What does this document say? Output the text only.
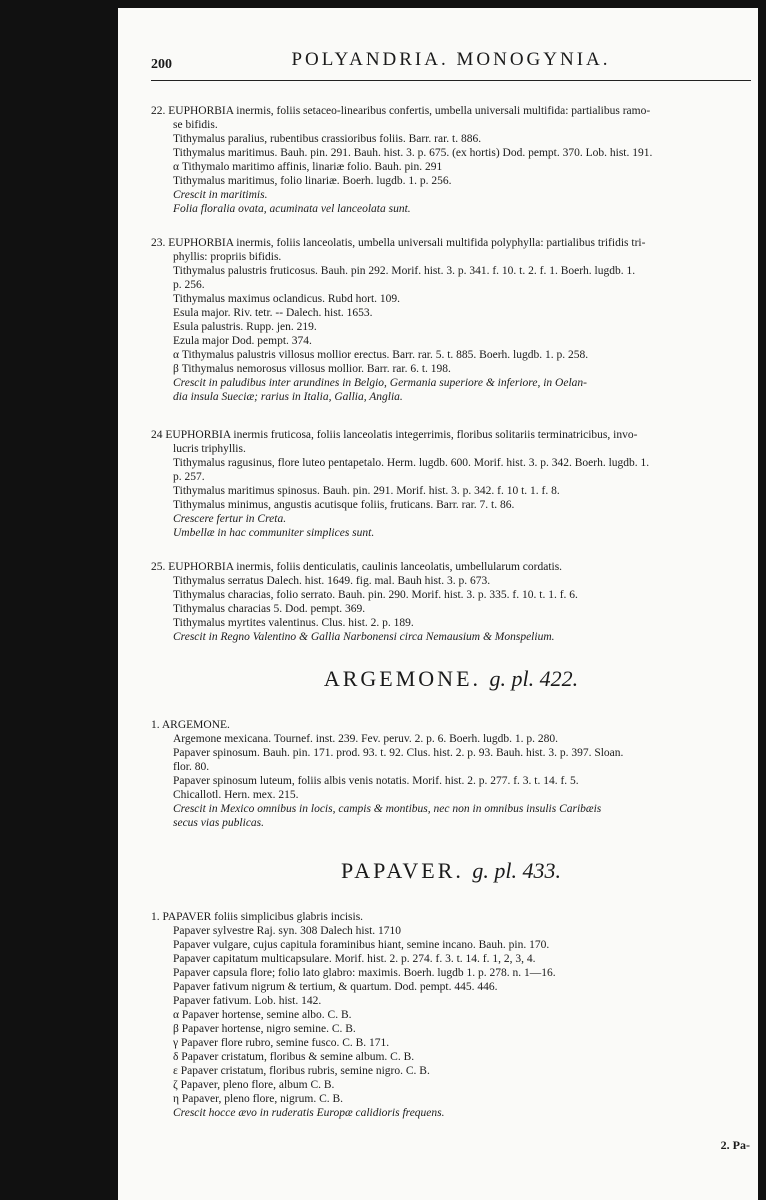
200	POLYANDRIA. MONOGYNIA.
22. EUPHORBIA inermis, foliis setaceo-linearibus confertis, umbella universali multifida: partialibus ramo-
se bifidis.
Tithymalus paralius, rubentibus crassioribus foliis. Barr. rar. t. 886.
Tithymalus maritimus. Bauh. pin. 291. Bauh. hist. 3. p. 675. (ex hortis) Dod. pempt. 370. Lob. hist. 191.
α Tithymalo maritimo affinis, linariæ folio. Bauh. pin. 291
Tithymalus maritimus, folio linariæ. Boerh. lugdb. 1. p. 256.
Crescit in maritimis.
Folia floralia ovata, acuminata vel lanceolata sunt.
23. EUPHORBIA inermis, foliis lanceolatis, umbella universali multifida polyphylla: partialibus trifidis tri-
phyllis: propriis bifidis.
Tithymalus palustris fruticosus. Bauh. pin 292. Morif. hist. 3. p. 341. f. 10. t. 2. f. 1. Boerh. lugdb. 1.
p. 256.
Tithymalus maximus oclandicus. Rubd hort. 109.
Esula major. Riv. tetr. -- Dalech. hist. 1653.
Esula palustris. Rupp. jen. 219.
Ezula major Dod. pempt. 374.
α Tithymalus palustris villosus mollior erectus. Barr. rar. 5. t. 885. Boerh. lugdb. 1. p. 258.
β Tithymalus nemorosus villosus mollior. Barr. rar. 6. t. 198.
Crescit in paludibus inter arundines in Belgio, Germania superiore & inferiore, in Oelan-
dia insula Sueciæ; rarius in Italia, Gallia, Anglia.
24 EUPHORBIA inermis fruticosa, foliis lanceolatis integerrimis, floribus solitariis terminatricibus, invo-
lucris triphyllis.
Tithymalus ragusinus, flore luteo pentapetalo. Herm. lugdb. 600. Morif. hist. 3. p. 342. Boerh. lugdb. 1.
p. 257.
Tithymalus maritimus spinosus. Bauh. pin. 291. Morif. hist. 3. p. 342. f. 10 t. 1. f. 8.
Tithymalus minimus, angustis acutisque foliis, fruticans. Barr. rar. 7. t. 86.
Crescere fertur in Creta.
Umbellæ in hac communiter simplices sunt.
25. EUPHORBIA inermis, foliis denticulatis, caulinis lanceolatis, umbellularum cordatis.
Tithymalus serratus Dalech. hist. 1649. fig. mal. Bauh hist. 3. p. 673.
Tithymalus characias, folio serrato. Bauh. pin. 290. Morif. hist. 3. p. 335. f. 10. t. 1. f. 6.
Tithymalus characias 5. Dod. pempt. 369.
Tithymalus myrtites valentinus. Clus. hist. 2. p. 189.
Crescit in Regno Valentino & Gallia Narbonensi circa Nemausium & Monspelium.
ARGEMONE. g. pl. 422.
1. ARGEMONE.
Argemone mexicana. Tournef. inst. 239. Fev. peruv. 2. p. 6. Boerh. lugdb. 1. p. 280.
Papaver spinosum. Bauh. pin. 171. prod. 93. t. 92. Clus. hist. 2. p. 93. Bauh. hist. 3. p. 397. Sloan.
flor. 80.
Papaver spinosum luteum, foliis albis venis notatis. Morif. hist. 2. p. 277. f. 3. t. 14. f. 5.
Chicallotl. Hern. mex. 215.
Crescit in Mexico omnibus in locis, campis & montibus, nec non in omnibus insulis Caribæis
secus vias publicas.
PAPAVER. g. pl. 433.
1. PAPAVER foliis simplicibus glabris incisis.
Papaver sylvestre Raj. syn. 308 Dalech hist. 1710
Papaver vulgare, cujus capitula foraminibus hiant, semine incano. Bauh. pin. 170.
Papaver capitatum multicapsulare. Morif. hist. 2. p. 274. f. 3. t. 14. f. 1, 2, 3, 4.
Papaver capsula flore; folio lato glabro: maximis. Boerh. lugdb 1. p. 278. n. 1—16.
Papaver fativum nigrum & tertium, & quartum. Dod. pempt. 445. 446.
Papaver fativum. Lob. hist. 142.
α Papaver hortense, semine albo. C. B.
β Papaver hortense, nigro semine. C. B.
γ Papaver flore rubro, semine fusco. C. B. 171.
δ Papaver cristatum, floribus & semine album. C. B.
ε Papaver cristatum, floribus rubris, semine nigro. C. B.
ζ Papaver, pleno flore, album C. B.
η Papaver, pleno flore, nigrum. C. B.
Crescit hocce ævo in ruderatis Europæ calidioris frequens.
2. Pa-
